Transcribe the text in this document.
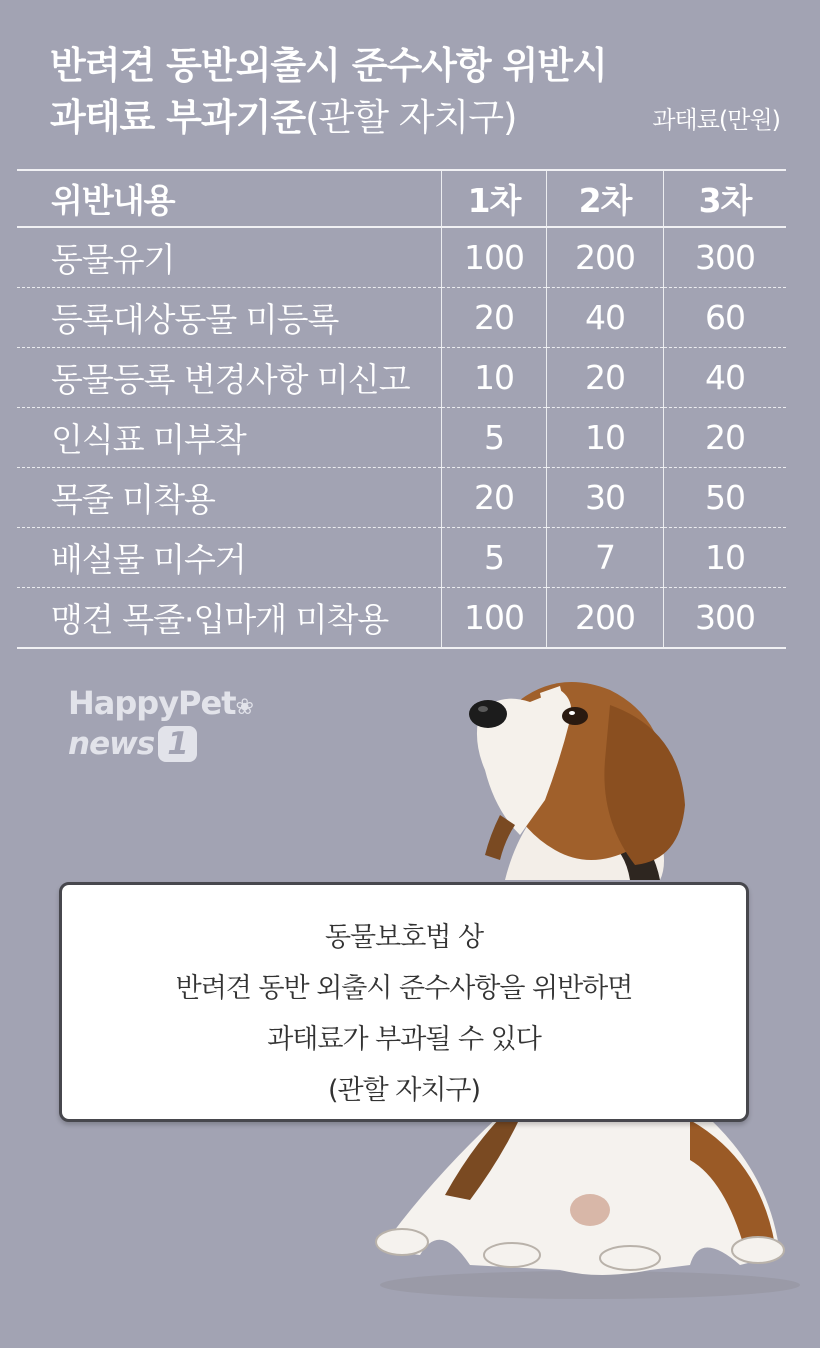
반려견 동반외출시 준수사항 위반시
과태료 부과기준(관할 자치구)	과태료(만원)
위반내용	1차	2차	3차
동물유기	100	200	300
등록대상동물 미등록	20	40	60
동물등록 변경사항 미신고	10	20	40
인식표 미부착	5	10	20
목줄 미착용	20	30	50
배설물 미수거	5	7	10
맹견 목줄·입마개 미착용	100	200	300
HappyPet❀
news 1

동물보호법 상

반려견 동반 외출시 준수사항을 위반하면

과태료가 부과될 수 있다

(관할 자치구)
